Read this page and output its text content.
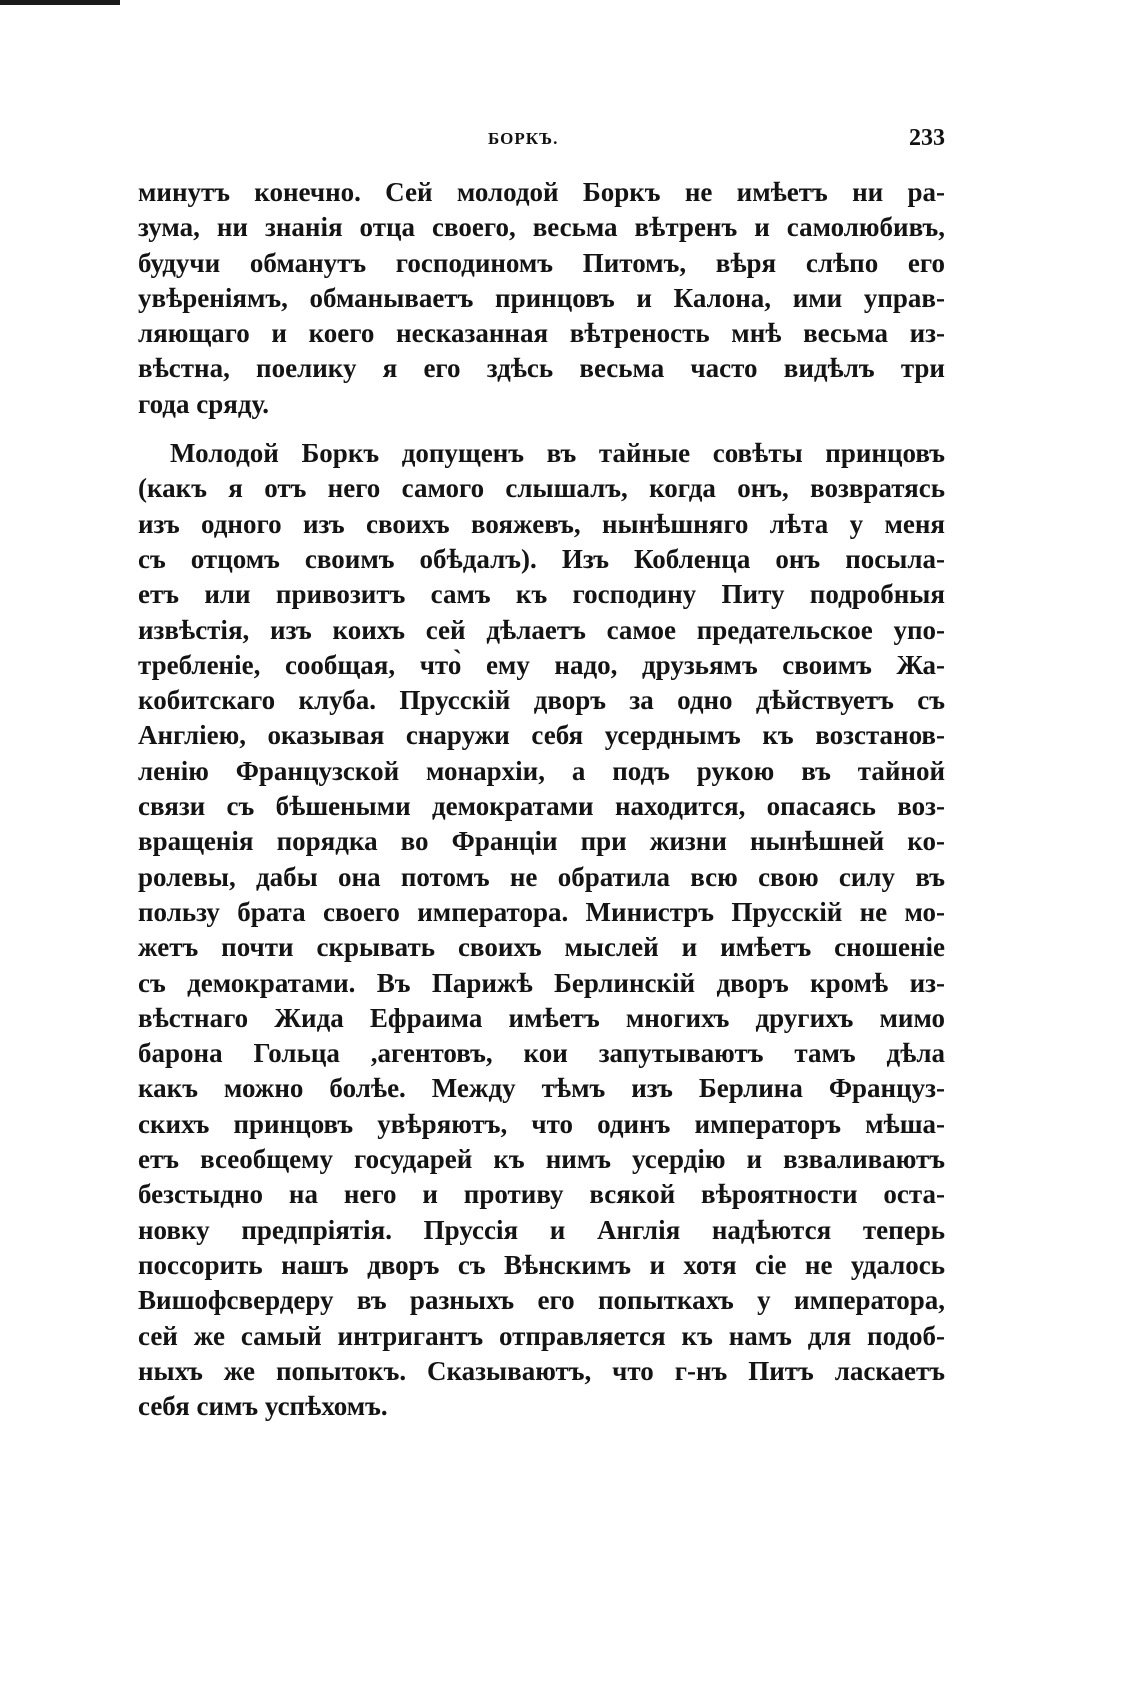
БОРКЪ.	233
минутъ конечно. Сей молодой Боркъ не имѣетъ ни ра-
зума, ни знанія отца своего, весьма вѣтренъ и самолюбивъ,
будучи обманутъ господиномъ Питомъ, вѣря слѣпо его
увѣреніямъ, обманываетъ принцовъ и Калона, ими управ-
ляющаго и коего несказанная вѣтреность мнѣ весьма из-
вѣстна, поелику я его здѣсь весьма часто видѣлъ три
года сряду.
Молодой Боркъ допущенъ въ тайные совѣты принцовъ
(какъ я отъ него самого слышалъ, когда онъ, возвратясь
изъ одного изъ своихъ вояжевъ, нынѣшняго лѣта у меня
съ отцомъ своимъ обѣдалъ). Изъ Кобленца онъ посыла-
етъ или привозитъ самъ къ господину Питу подробныя
извѣстія, изъ коихъ сей дѣлаетъ самое предательское упо-
требленіе, сообщая, что̀ ему надо, друзьямъ своимъ Жа-
кобитскаго клуба. Прусскій дворъ за одно дѣйствуетъ съ
Англіею, оказывая снаружи себя усерднымъ къ возстанов-
ленію Французской монархіи, а подъ рукою въ тайной
связи съ бѣшеными демократами находится, опасаясь воз-
вращенія порядка во Франціи при жизни нынѣшней ко-
ролевы, дабы она потомъ не обратила всю свою силу въ
пользу брата своего императора. Министръ Прусскій не мо-
жетъ почти скрывать своихъ мыслей и имѣетъ сношеніе
съ демократами. Въ Парижѣ Берлинскій дворъ кромѣ из-
вѣстнаго Жида Ефраима имѣетъ многихъ другихъ мимо
барона Гольца ,агентовъ, кои запутываютъ тамъ дѣла
какъ можно болѣе. Между тѣмъ изъ Берлина Француз-
скихъ принцовъ увѣряютъ, что одинъ императоръ мѣша-
етъ всеобщему государей къ нимъ усердію и взваливаютъ
безстыдно на него и противу всякой вѣроятности оста-
новку предпріятія. Пруссія и Англія надѣются теперь
поссорить нашъ дворъ съ Вѣнскимъ и хотя сіе не удалось
Вишофсвердеру въ разныхъ его попыткахъ у императора,
сей же самый интригантъ отправляется къ намъ для подоб-
ныхъ же попытокъ. Сказываютъ, что г-нъ Питъ ласкаетъ
себя симъ успѣхомъ.
